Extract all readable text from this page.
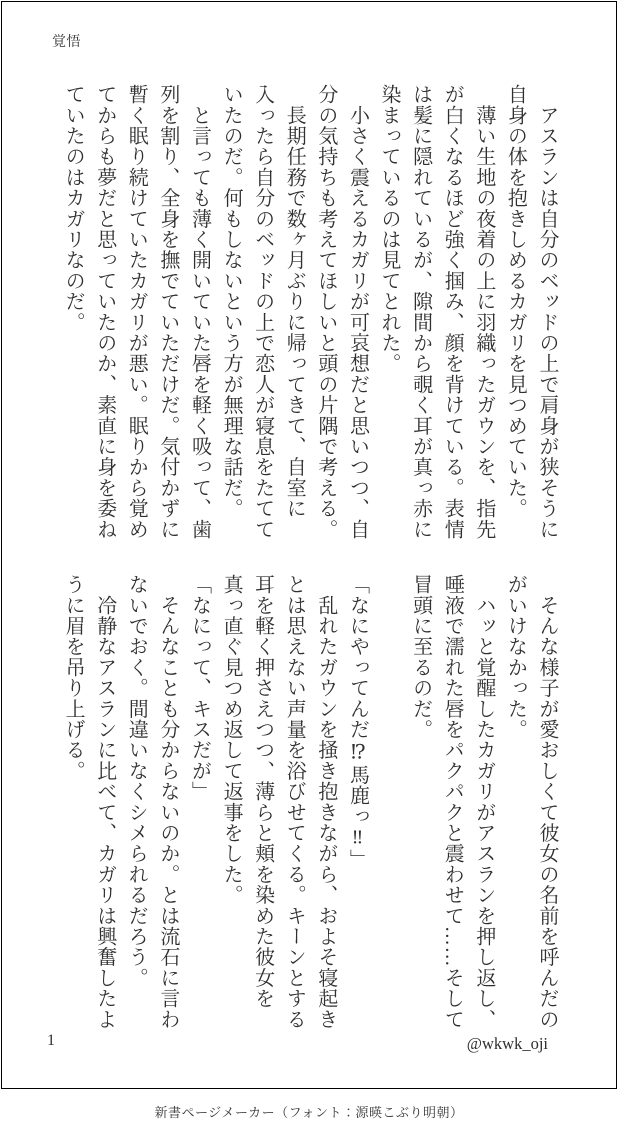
覚悟
　アスランは自分のベッドの上で肩身が狭そうに
自身の体を抱きしめるカガリを見つめていた。
　薄い生地の夜着の上に羽織ったガウンを、指先
が白くなるほど強く掴み、顔を背けている。表情
は髪に隠れているが、隙間から覗く耳が真っ赤に
染まっているのは見てとれた。
　小さく震えるカガリが可哀想だと思いつつ、自
分の気持ちも考えてほしいと頭の片隅で考える。
　長期任務で数ヶ月ぶりに帰ってきて、自室に
入ったら自分のベッドの上で恋人が寝息をたてて
いたのだ。何もしないという方が無理な話だ。
　と言っても薄く開いていた唇を軽く吸って、歯
列を割り、全身を撫でていただけだ。気付かずに
暫く眠り続けていたカガリが悪い。眠りから覚め
てからも夢だと思っていたのか、素直に身を委ね
ていたのはカガリなのだ。
　そんな様子が愛おしくて彼女の名前を呼んだの
がいけなかった。
　ハッと覚醒したカガリがアスランを押し返し、
唾液で濡れた唇をパクパクと震わせて……そして
冒頭に至るのだ。

「なにやってんだ⁉馬鹿っ‼」
　乱れたガウンを掻き抱きながら、およそ寝起き
とは思えない声量を浴びせてくる。キーンとする
耳を軽く押さえつつ、薄らと頬を染めた彼女を
真っ直ぐ見つめ返して返事をした。
「なにって、キスだが」
　そんなことも分からないのか。とは流石に言わ
ないでおく。間違いなくシメられるだろう。
　冷静なアスランに比べて、カガリは興奮したよ
うに眉を吊り上げる。
1	@wkwk_oji
新書ページメーカー（フォント：源暎こぶり明朝）
